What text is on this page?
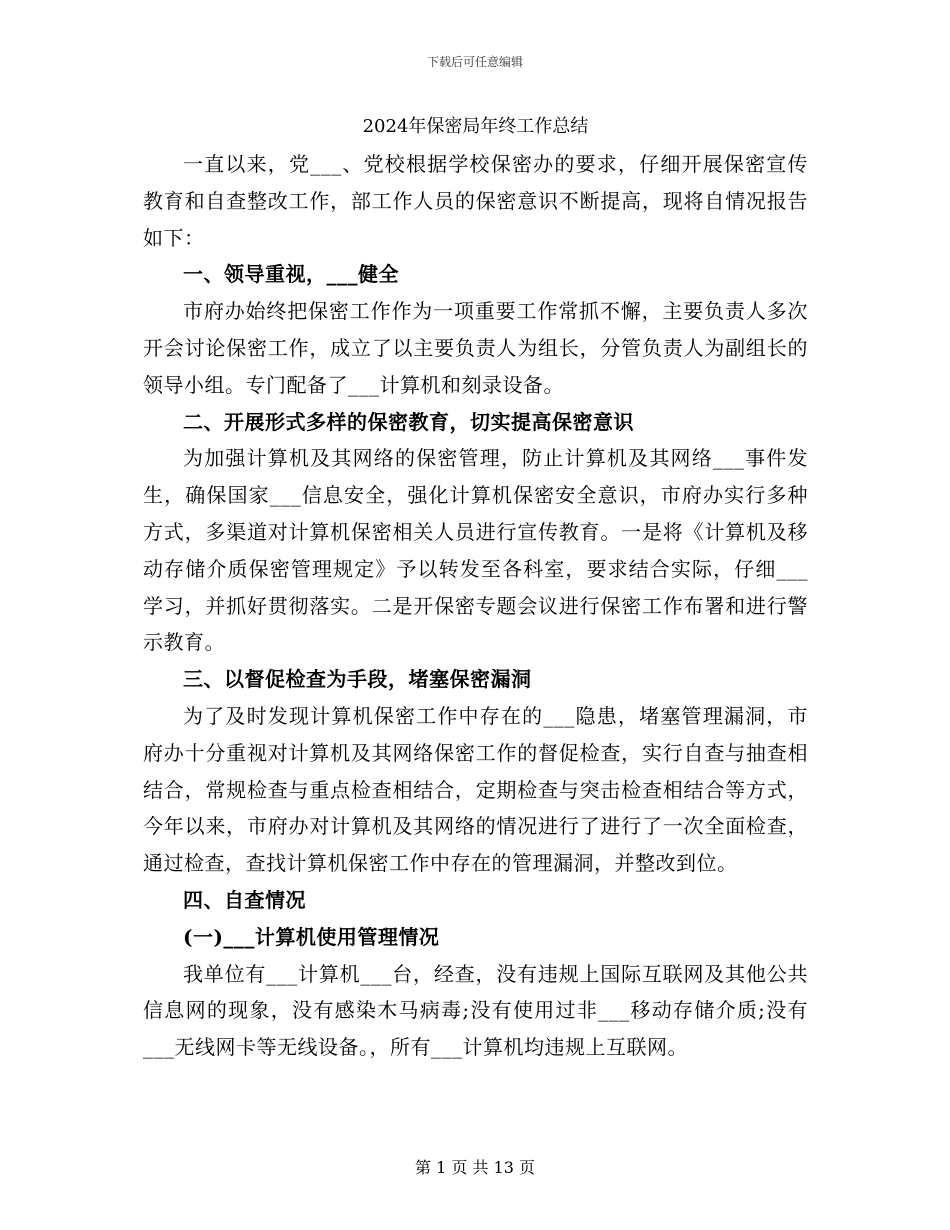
下载后可任意编辑
2024年保密局年终工作总结

一直以来，党___、党校根据学校保密办的要求，仔细开展保密宣传教育和自查整改工作，部工作人员的保密意识不断提高，现将自情况报告如下：

一、领导重视，___健全

市府办始终把保密工作作为一项重要工作常抓不懈，主要负责人多次开会讨论保密工作，成立了以主要负责人为组长，分管负责人为副组长的领导小组。专门配备了___计算机和刻录设备。

二、开展形式多样的保密教育，切实提高保密意识

为加强计算机及其网络的保密管理，防止计算机及其网络___事件发生，确保国家___信息安全，强化计算机保密安全意识，市府办实行多种方式，多渠道对计算机保密相关人员进行宣传教育。一是将《计算机及移动存储介质保密管理规定》予以转发至各科室，要求结合实际，仔细___学习，并抓好贯彻落实。二是开保密专题会议进行保密工作布署和进行警示教育。

三、以督促检查为手段，堵塞保密漏洞

为了及时发现计算机保密工作中存在的___隐患，堵塞管理漏洞，市府办十分重视对计算机及其网络保密工作的督促检查，实行自查与抽查相结合，常规检查与重点检查相结合，定期检查与突击检查相结合等方式，今年以来，市府办对计算机及其网络的情况进行了进行了一次全面检查，通过检查，查找计算机保密工作中存在的管理漏洞，并整改到位。

四、自查情况

(一)___计算机使用管理情况

我单位有___计算机___台，经查，没有违规上国际互联网及其他公共信息网的现象，没有感染木马病毒;没有使用过非___移动存储介质;没有___无线网卡等无线设备。，所有___计算机均违规上互联网。

第 1 页 共 13 页
